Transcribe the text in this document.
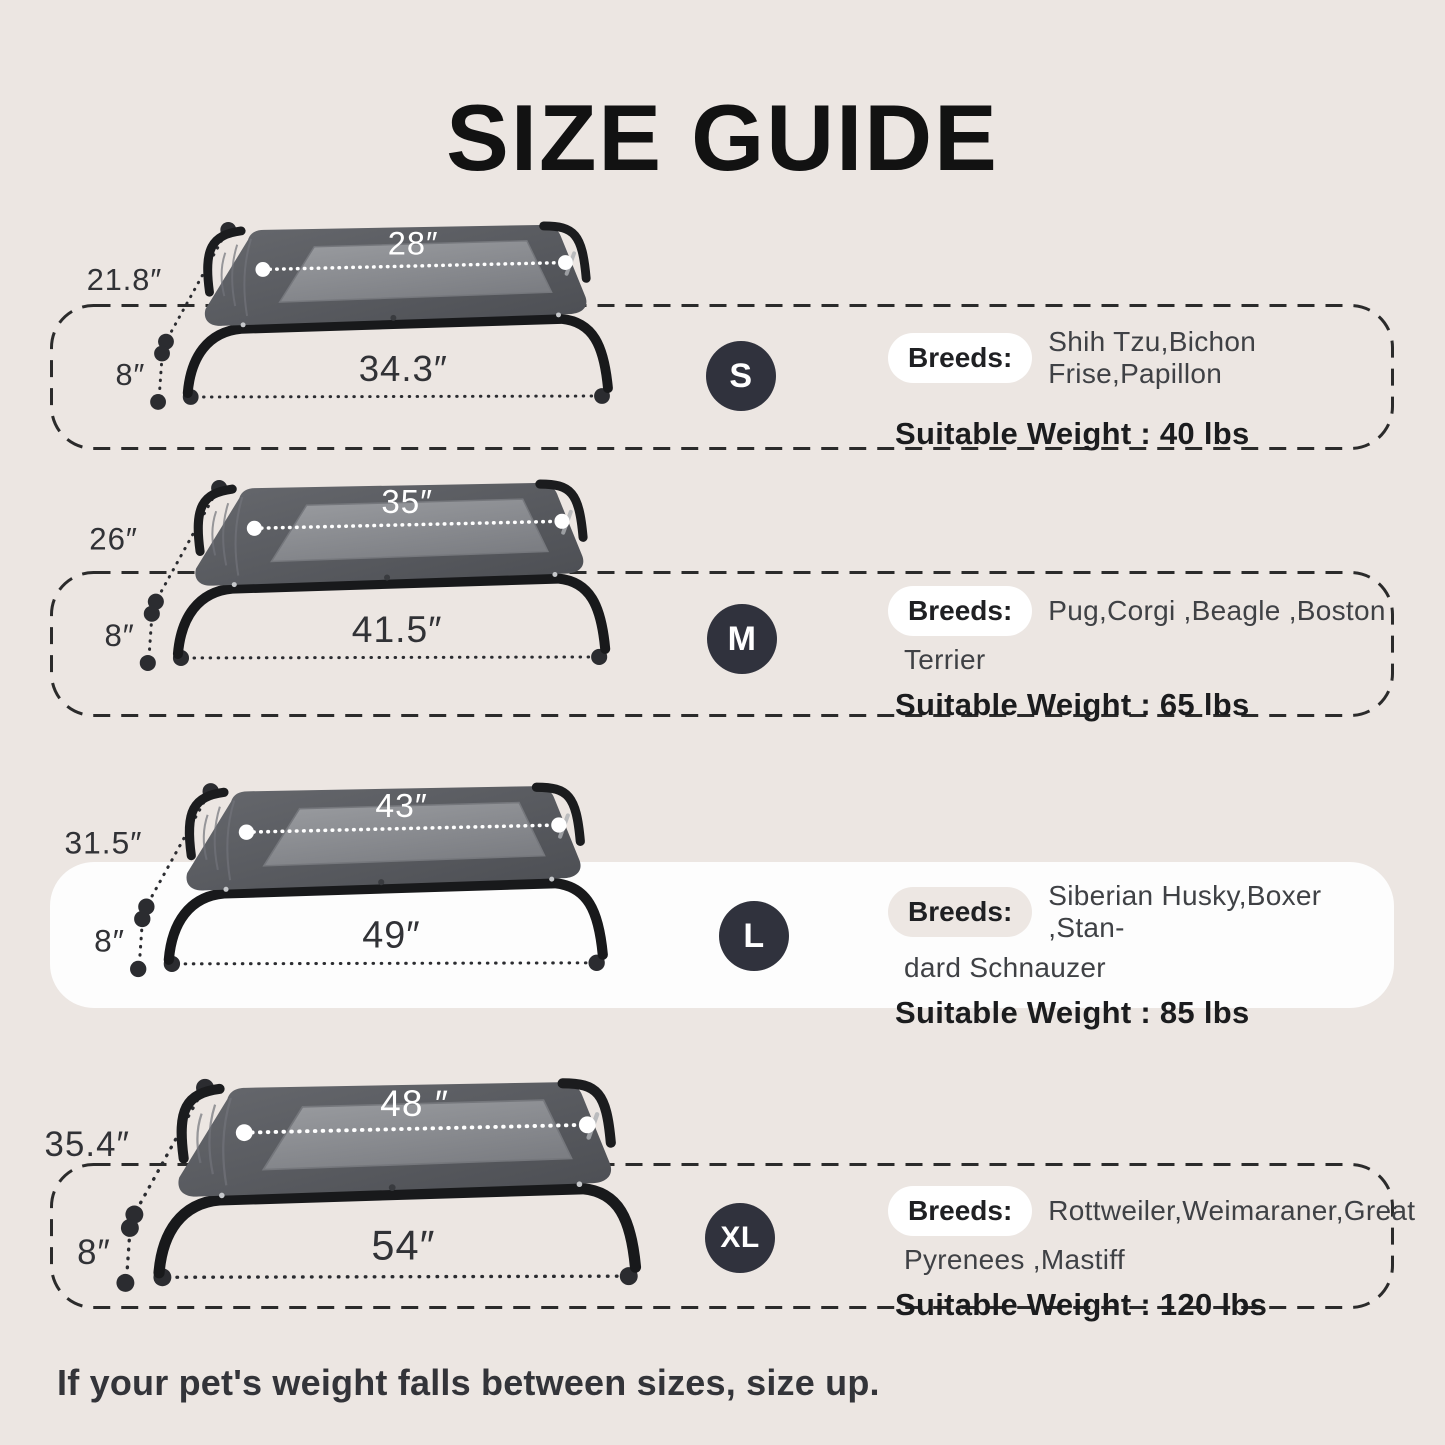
SIZE GUIDE
28″
21.8″
8″	34.3″	S	Breeds:
Shih Tzu,Bichon Frise,Papillon
Suitable Weight : 40 lbs
35″
26″
8″	41.5″	M
Breeds:	Pug,Corgi ,Beagle ,Boston
Terrier
Suitable Weight : 65 lbs
43″
31.5″
8″	49″	L
Breeds:
Siberian Husky,Boxer ,Stan-
dard Schnauzer
Suitable Weight : 85 lbs
48 ″
35.4″
8″	54″	XL
Breeds:	Rottweiler,Weimaraner,Great
Pyrenees ,Mastiff
Suitable Weight : 120 lbs
If your pet's weight falls between sizes, size up.
